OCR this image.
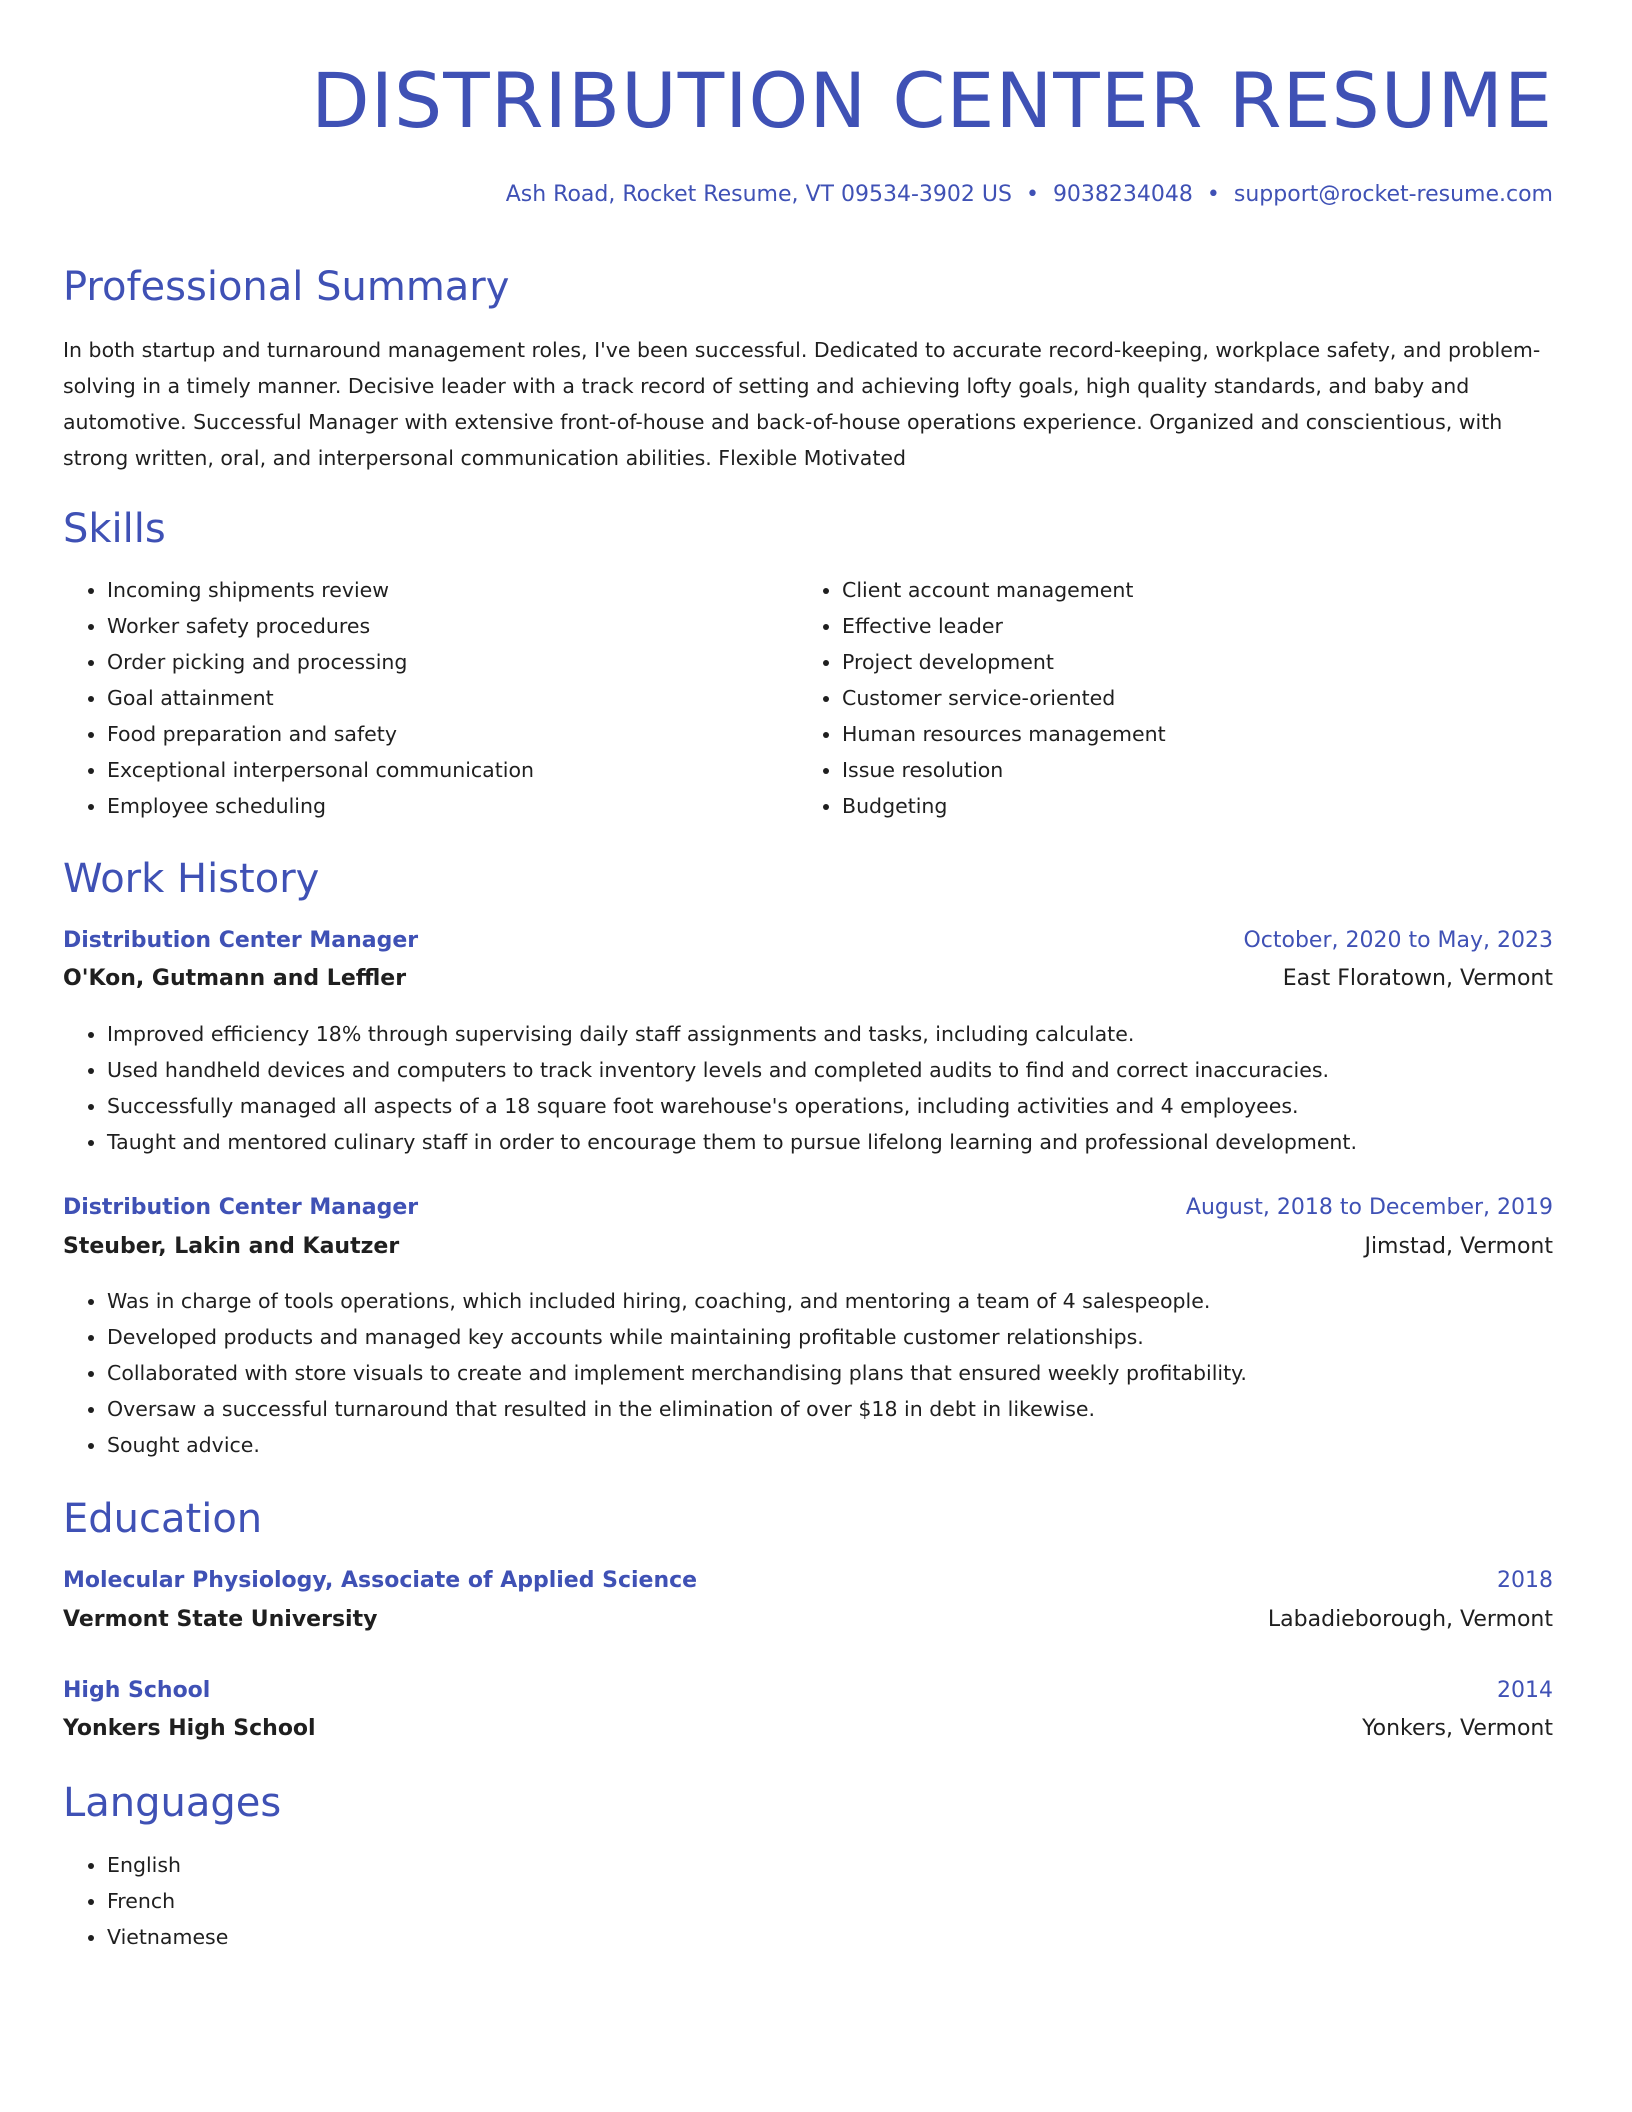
DISTRIBUTION CENTER RESUME
Ash Road, Rocket Resume, VT 09534-3902 US • 9038234048 • support@rocket-resume.com
Professional Summary

In both startup and turnaround management roles, I've been successful. Dedicated to accurate record-keeping, workplace safety, and problem-solving in a timely manner. Decisive leader with a track record of setting and achieving lofty goals, high quality standards, and baby and automotive. Successful Manager with extensive front-of-house and back-of-house operations experience. Organized and conscientious, with strong written, oral, and interpersonal communication abilities. Flexible Motivated

Skills
• Incoming shipments review
• Worker safety procedures
• Order picking and processing
• Goal attainment
• Food preparation and safety
• Exceptional interpersonal communication
• Employee scheduling
• Client account management
• Effective leader
• Project development
• Customer service-oriented
• Human resources management
• Issue resolution
• Budgeting
Work History
Distribution Center Manager	October, 2020 to May, 2023
O'Kon, Gutmann and Leffler	East Floratown, Vermont
• Improved efficiency 18% through supervising daily staff assignments and tasks, including calculate.
• Used handheld devices and computers to track inventory levels and completed audits to find and correct inaccuracies.
• Successfully managed all aspects of a 18 square foot warehouse's operations, including activities and 4 employees.
• Taught and mentored culinary staff in order to encourage them to pursue lifelong learning and professional development.
Distribution Center Manager	August, 2018 to December, 2019
Steuber, Lakin and Kautzer	Jimstad, Vermont
• Was in charge of tools operations, which included hiring, coaching, and mentoring a team of 4 salespeople.
• Developed products and managed key accounts while maintaining profitable customer relationships.
• Collaborated with store visuals to create and implement merchandising plans that ensured weekly profitability.
• Oversaw a successful turnaround that resulted in the elimination of over $18 in debt in likewise.
• Sought advice.
Education
Molecular Physiology, Associate of Applied Science	2018
Vermont State University	Labadieborough, Vermont
High School	2014
Yonkers High School	Yonkers, Vermont
Languages
• English
• French
• Vietnamese
